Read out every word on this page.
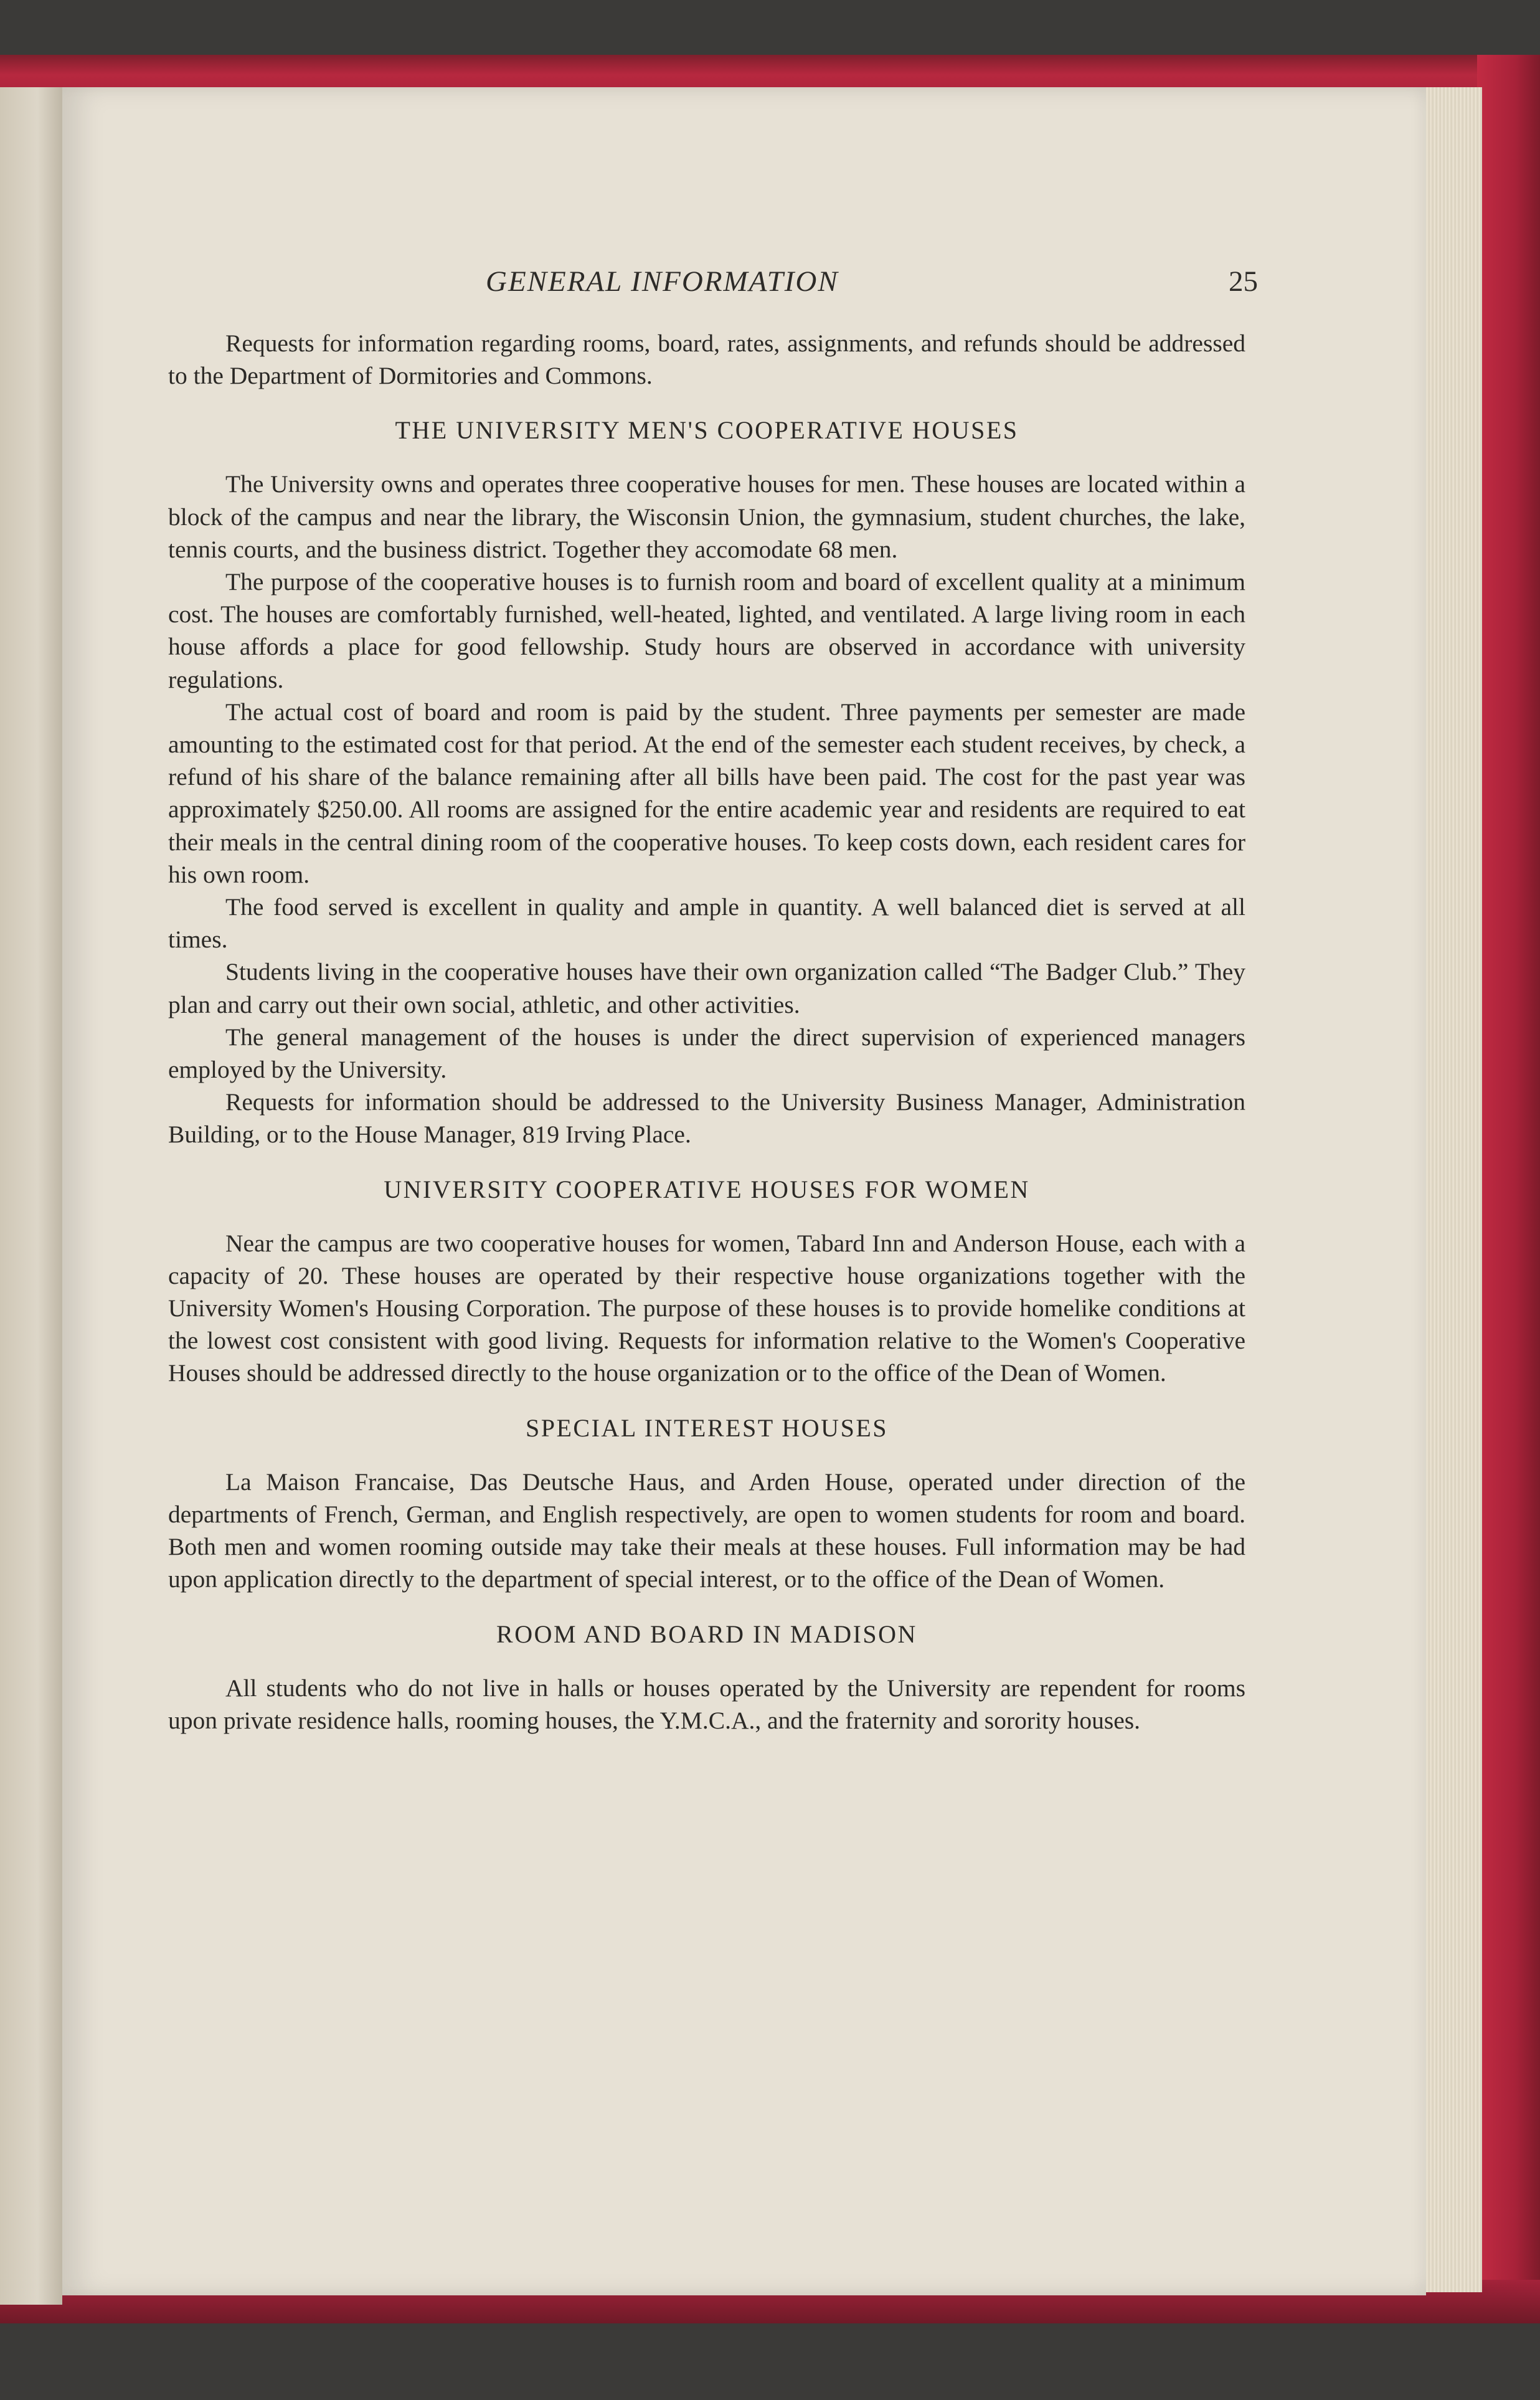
GENERAL INFORMATION	25

Requests for information regarding rooms, board, rates, assignments, and refunds should be addressed to the Department of Dormitories and Commons.

THE UNIVERSITY MEN'S COOPERATIVE HOUSES

The University owns and operates three cooperative houses for men. These houses are located within a block of the campus and near the library, the Wisconsin Union, the gymnasium, student churches, the lake, tennis courts, and the business district. Together they accomodate 68 men.

The purpose of the cooperative houses is to furnish room and board of excellent quality at a minimum cost. The houses are comfortably furnished, well-heated, lighted, and ventilated. A large living room in each house affords a place for good fellowship. Study hours are observed in accordance with university regulations.

The actual cost of board and room is paid by the student. Three payments per semester are made amounting to the estimated cost for that period. At the end of the semester each student receives, by check, a refund of his share of the balance remaining after all bills have been paid. The cost for the past year was approximately $250.00. All rooms are assigned for the entire academic year and residents are required to eat their meals in the central dining room of the cooperative houses. To keep costs down, each resident cares for his own room.

The food served is excellent in quality and ample in quantity. A well balanced diet is served at all times.

Students living in the cooperative houses have their own organization called “The Badger Club.” They plan and carry out their own social, athletic, and other activities.

The general management of the houses is under the direct supervision of experienced managers employed by the University.

Requests for information should be addressed to the University Business Manager, Administration Building, or to the House Manager, 819 Irving Place.

UNIVERSITY COOPERATIVE HOUSES FOR WOMEN

Near the campus are two cooperative houses for women, Tabard Inn and Anderson House, each with a capacity of 20. These houses are operated by their respective house organizations together with the University Women's Housing Corporation. The purpose of these houses is to provide homelike conditions at the lowest cost consistent with good living. Requests for information relative to the Women's Cooperative Houses should be addressed directly to the house organization or to the office of the Dean of Women.

SPECIAL INTEREST HOUSES

La Maison Francaise, Das Deutsche Haus, and Arden House, operated under direction of the departments of French, German, and English respectively, are open to women students for room and board. Both men and women rooming outside may take their meals at these houses. Full information may be had upon application directly to the department of special interest, or to the office of the Dean of Women.

ROOM AND BOARD IN MADISON

All students who do not live in halls or houses operated by the University are rependent for rooms upon private residence halls, rooming houses, the Y.M.C.A., and the fraternity and sorority houses.
